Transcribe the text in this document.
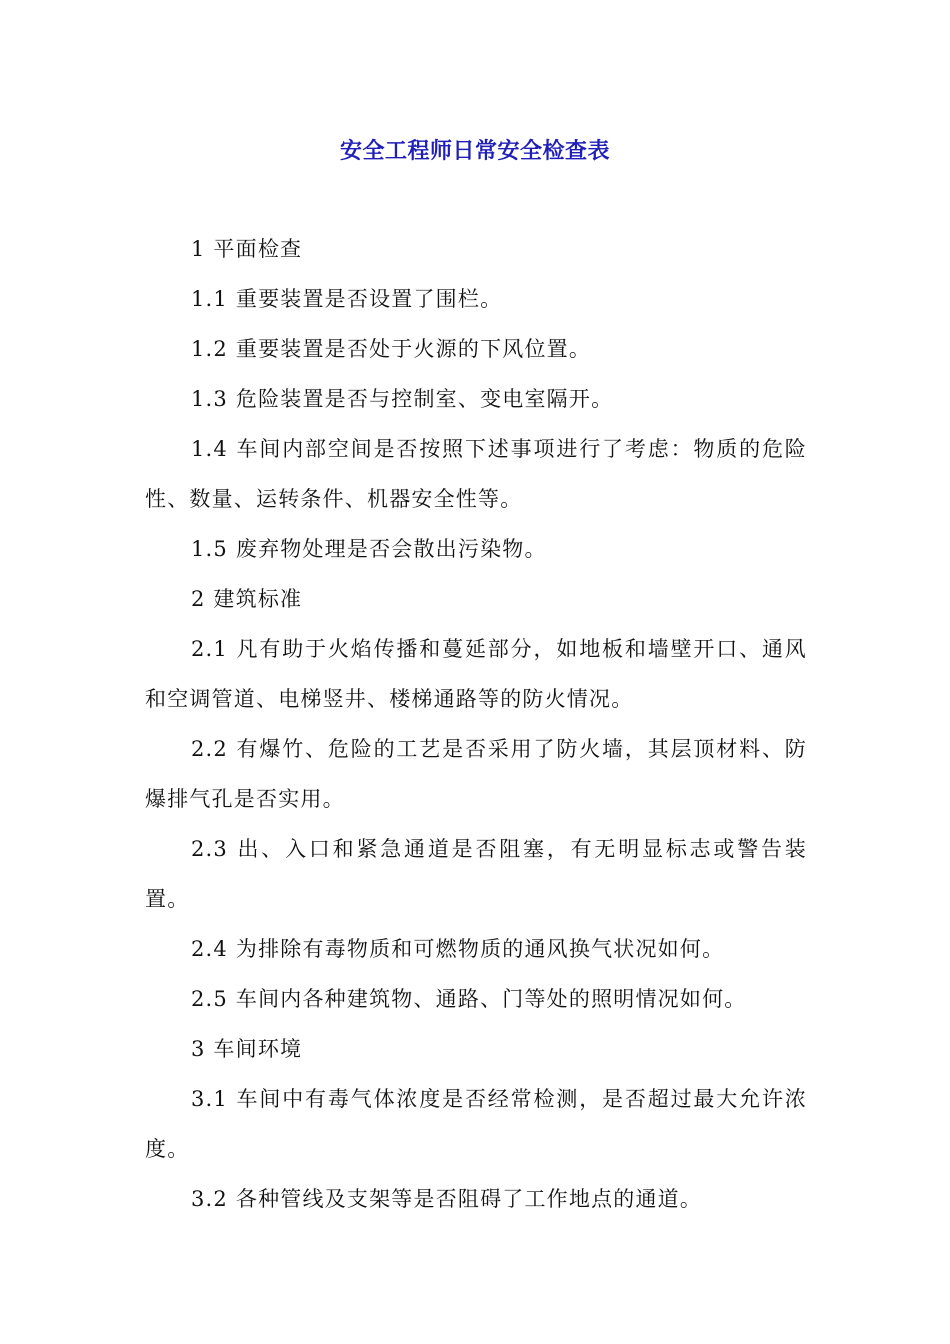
安全工程师日常安全检查表

1 平面检查

1.1 重要装置是否设置了围栏。

1.2 重要装置是否处于火源的下风位置。

1.3 危险装置是否与控制室、变电室隔开。

1.4 车间内部空间是否按照下述事项进行了考虑：物质的危险性、数量、运转条件、机器安全性等。

1.5 废弃物处理是否会散出污染物。

2 建筑标准

2.1 凡有助于火焰传播和蔓延部分，如地板和墙壁开口、通风和空调管道、电梯竖井、楼梯通路等的防火情况。

2.2 有爆竹、危险的工艺是否采用了防火墙，其层顶材料、防爆排气孔是否实用。

2.3 出、入口和紧急通道是否阻塞，有无明显标志或警告装置。

2.4 为排除有毒物质和可燃物质的通风换气状况如何。

2.5 车间内各种建筑物、通路、门等处的照明情况如何。

3 车间环境

3.1 车间中有毒气体浓度是否经常检测，是否超过最大允许浓度。

3.2 各种管线及支架等是否阻碍了工作地点的通道。
